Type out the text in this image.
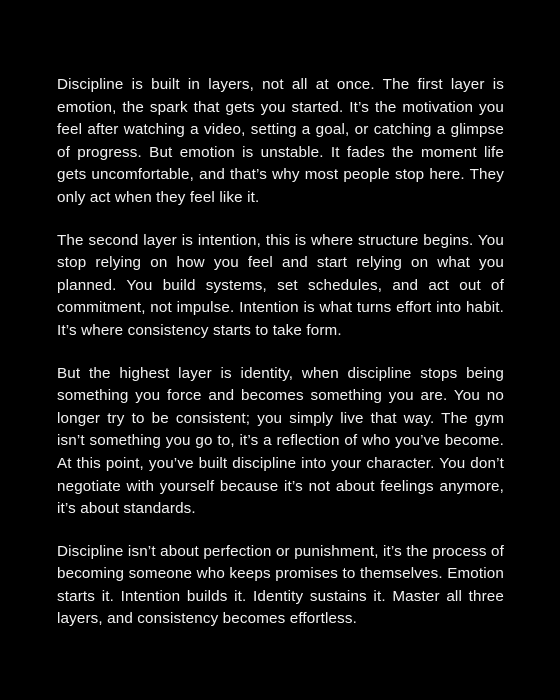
Discipline is built in layers, not all at once. The first layer is emotion, the spark that gets you started. It’s the motivation you feel after watching a video, setting a goal, or catching a glimpse of progress. But emotion is unstable. It fades the moment life gets uncomfortable, and that’s why most people stop here. They only act when they feel like it.

The second layer is intention, this is where structure begins. You stop relying on how you feel and start relying on what you planned. You build systems, set schedules, and act out of commitment, not impulse. Intention is what turns effort into habit. It’s where consistency starts to take form.

But the highest layer is identity, when discipline stops being something you force and becomes something you are. You no longer try to be consistent; you simply live that way. The gym isn’t something you go to, it’s a reflection of who you’ve become. At this point, you’ve built discipline into your character. You don’t negotiate with yourself because it’s not about feelings anymore, it’s about standards.

Discipline isn’t about perfection or punishment, it’s the process of becoming someone who keeps promises to themselves. Emotion starts it. Intention builds it. Identity sustains it. Master all three layers, and consistency becomes effortless.
